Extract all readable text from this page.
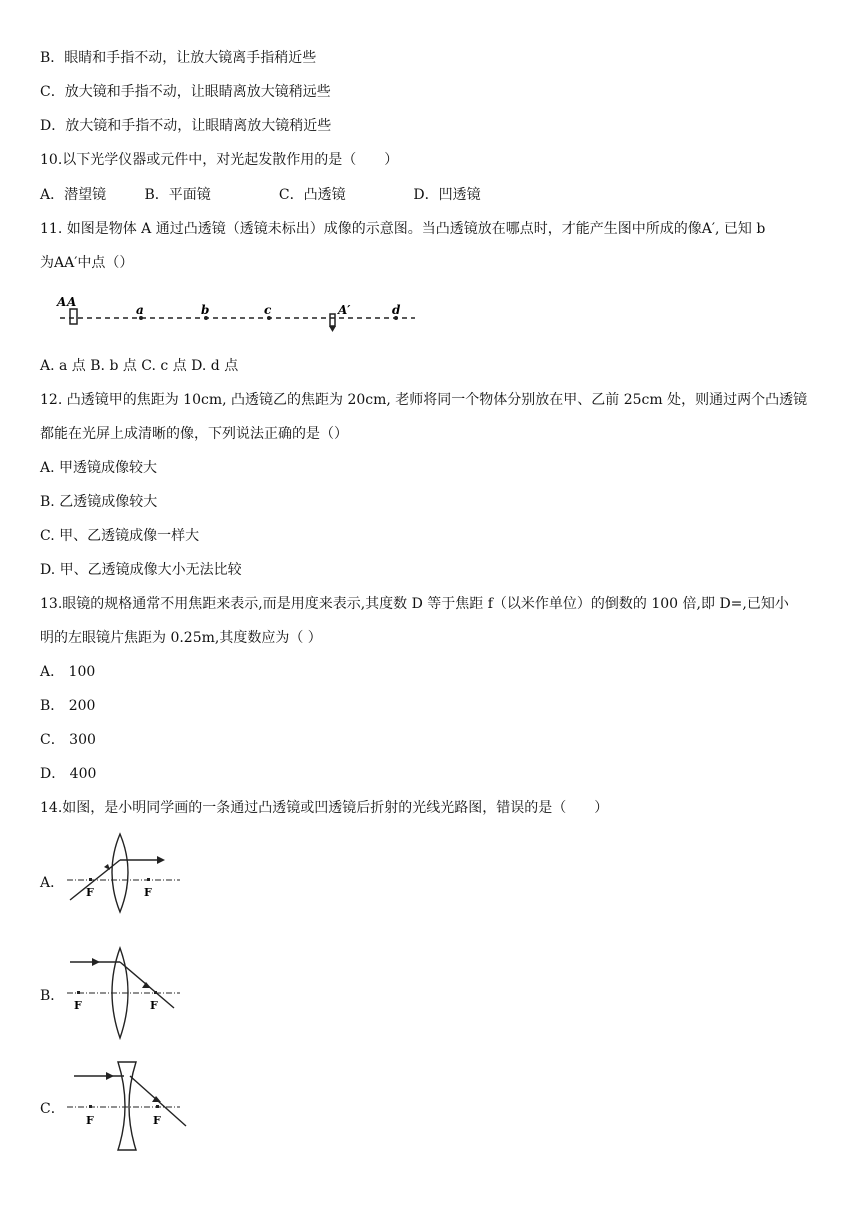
B．眼睛和手指不动，让放大镜离手指稍近些
C．放大镜和手指不动，让眼睛离放大镜稍远些
D．放大镜和手指不动，让眼睛离放大镜稍近些
10.以下光学仪器或元件中，对光起发散作用的是（　　）
A．潜望镜	B．平面镜	C．凸透镜	D．凹透镜
11. 如图是物体 A 通过凸透镜（透镜未标出）成像的示意图。当凸透镜放在哪点时，才能产生图中所成的像A′, 已知 b
为AA′中点（）
A A
a	b	c	A′	d
A. a 点 B. b 点 C. c 点 D. d 点
12. 凸透镜甲的焦距为 10cm, 凸透镜乙的焦距为 20cm, 老师将同一个物体分别放在甲、乙前 25cm 处，则通过两个凸透镜
都能在光屏上成清晰的像，下列说法正确的是（）
A. 甲透镜成像较大
B. 乙透镜成像较大
C. 甲、乙透镜成像一样大
D. 甲、乙透镜成像大小无法比较
13.眼镜的规格通常不用焦距来表示,而是用度来表示,其度数 D 等于焦距 f（以米作单位）的倒数的 100 倍,即 D=,已知小
明的左眼镜片焦距为 0.25m,其度数应为（ ）
A． 100
B． 200
C． 300
D． 400
14.如图，是小明同学画的一条通过凸透镜或凹透镜后折射的光线光路图，错误的是（　　）
A．
F	F
B．
F	F
C．
F	F
